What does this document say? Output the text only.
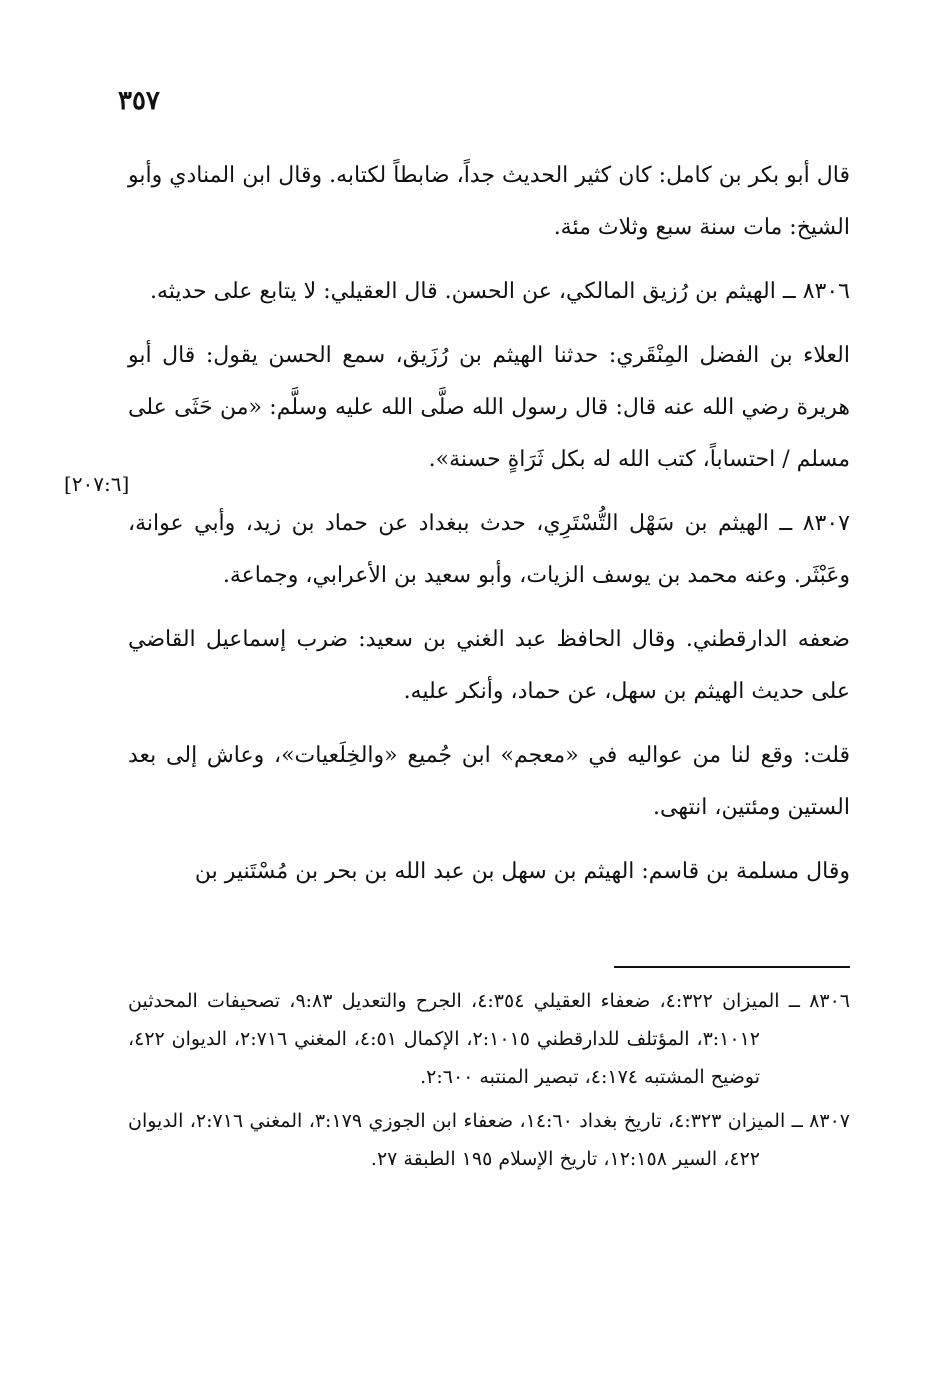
٣٥٧

قال أبو بكر بن كامل: كان كثير الحديث جداً، ضابطاً لكتابه. وقال ابن المنادي وأبو الشيخ: مات سنة سبع وثلاث مئة.

٨٣٠٦ ــ الهيثم بن رُزيق المالكي، عن الحسن. قال العقيلي: لا يتابع على حديثه.

العلاء بن الفضل المِنْقَري: حدثنا الهيثم بن رُزَيق، سمع الحسن يقول: قال أبو هريرة رضي الله عنه قال: قال رسول الله صلَّى الله عليه وسلَّم: «من حَثَى على مسلم / احتساباً، كتب الله له بكل ثَرَاةٍ حسنة».

٨٣٠٧ ــ الهيثم بن سَهْل التُّسْتَرِي، حدث ببغداد عن حماد بن زيد، وأبي عوانة، وعَبْثَر. وعنه محمد بن يوسف الزيات، وأبو سعيد بن الأعرابي، وجماعة.

ضعفه الدارقطني. وقال الحافظ عبد الغني بن سعيد: ضرب إسماعيل القاضي على حديث الهيثم بن سهل، عن حماد، وأنكر عليه.

قلت: وقع لنا من عواليه في «معجم» ابن جُميع «والخِلَعيات»، وعاش إلى بعد الستين ومئتين، انتهى.

وقال مسلمة بن قاسم: الهيثم بن سهل بن عبد الله بن بحر بن مُسْتَنير بن

[٢٠٧:٦]

٨٣٠٦ ــ الميزان ٤:٣٢٢، ضعفاء العقيلي ٤:٣٥٤، الجرح والتعديل ٩:٨٣، تصحيفات المحدثين ٣:١٠١٢، المؤتلف للدارقطني ٢:١٠١٥، الإكمال ٤:٥١، المغني ٢:٧١٦، الديوان ٤٢٢، توضيح المشتبه ٤:١٧٤، تبصير المنتبه ٢:٦٠٠.

٨٣٠٧ ــ الميزان ٤:٣٢٣، تاريخ بغداد ١٤:٦٠، ضعفاء ابن الجوزي ٣:١٧٩، المغني ٢:٧١٦، الديوان ٤٢٢، السير ١٢:١٥٨، تاريخ الإسلام ١٩٥ الطبقة ٢٧.
